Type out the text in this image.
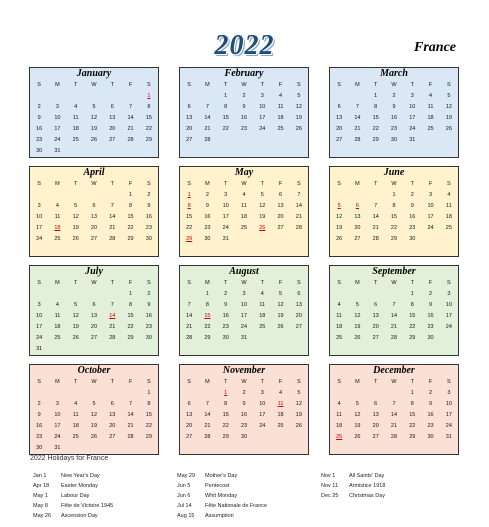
2022	France
January
S	M	T	W	T	F	S
						1
2	3	4	5	6	7	8
9	10	11	12	13	14	15
16	17	18	19	20	21	22
23	24	25	26	27	28	29
30	31					
February
S	M	T	W	T	F	S
		1	2	3	4	5
6	7	8	9	10	11	12
13	14	15	16	17	18	19
20	21	22	23	24	25	26
27	28					

March
S	M	T	W	T	F	S
		1	2	3	4	5
6	7	8	9	10	11	12
13	14	15	16	17	18	19
20	21	22	23	24	25	26
27	28	29	30	31		

April
S	M	T	W	T	F	S
					1	2
3	4	5	6	7	8	9
10	11	12	13	14	15	16
17	18	19	20	21	22	23
24	25	26	27	28	29	30

May
S	M	T	W	T	F	S
1	2	3	4	5	6	7
8	9	10	11	12	13	14
15	16	17	18	19	20	21
22	23	24	25	26	27	28
29	30	31				

June
S	M	T	W	T	F	S
			1	2	3	4
5	6	7	8	9	10	11
12	13	14	15	16	17	18
19	20	21	22	23	24	25
26	27	28	29	30		

July
S	M	T	W	T	F	S
					1	2
3	4	5	6	7	8	9
10	11	12	13	14	15	16
17	18	19	20	21	22	23
24	25	26	27	28	29	30
31						
August
S	M	T	W	T	F	S
	1	2	3	4	5	6
7	8	9	10	11	12	13
14	15	16	17	18	19	20
21	22	23	24	25	26	27
28	29	30	31			

September
S	M	T	W	T	F	S
				1	2	3
4	5	6	7	8	9	10
11	12	13	14	15	16	17
18	19	20	21	22	23	24
25	26	27	28	29	30	

October
S	M	T	W	T	F	S
						1
2	3	4	5	6	7	8
9	10	11	12	13	14	15
16	17	18	19	20	21	22
23	24	25	26	27	28	29
30	31					
November
S	M	T	W	T	F	S
		1	2	3	4	5
6	7	8	9	10	11	12
13	14	15	16	17	18	19
20	21	22	23	24	25	26
27	28	29	30			

December
S	M	T	W	T	F	S
				1	2	3
4	5	6	7	8	9	10
11	12	13	14	15	16	17
18	19	20	21	22	23	24
25	26	27	28	29	30	31

2022 Holidays for France
Jan 1	New Year's Day
Apr 18 Easter Monday
May 1 Labour Day
May 8 Fête de Victoire 1945
May 26 Ascension Day
May 29 Mother's Day
Jun 5	Pentecost
Jun 6	Whit Monday
Jul 14 Fête Nationale de France
Aug 15 Assumption
Nov 1 All Saints' Day
Nov 11 Armistice 1918
Dec 25 Christmas Day
